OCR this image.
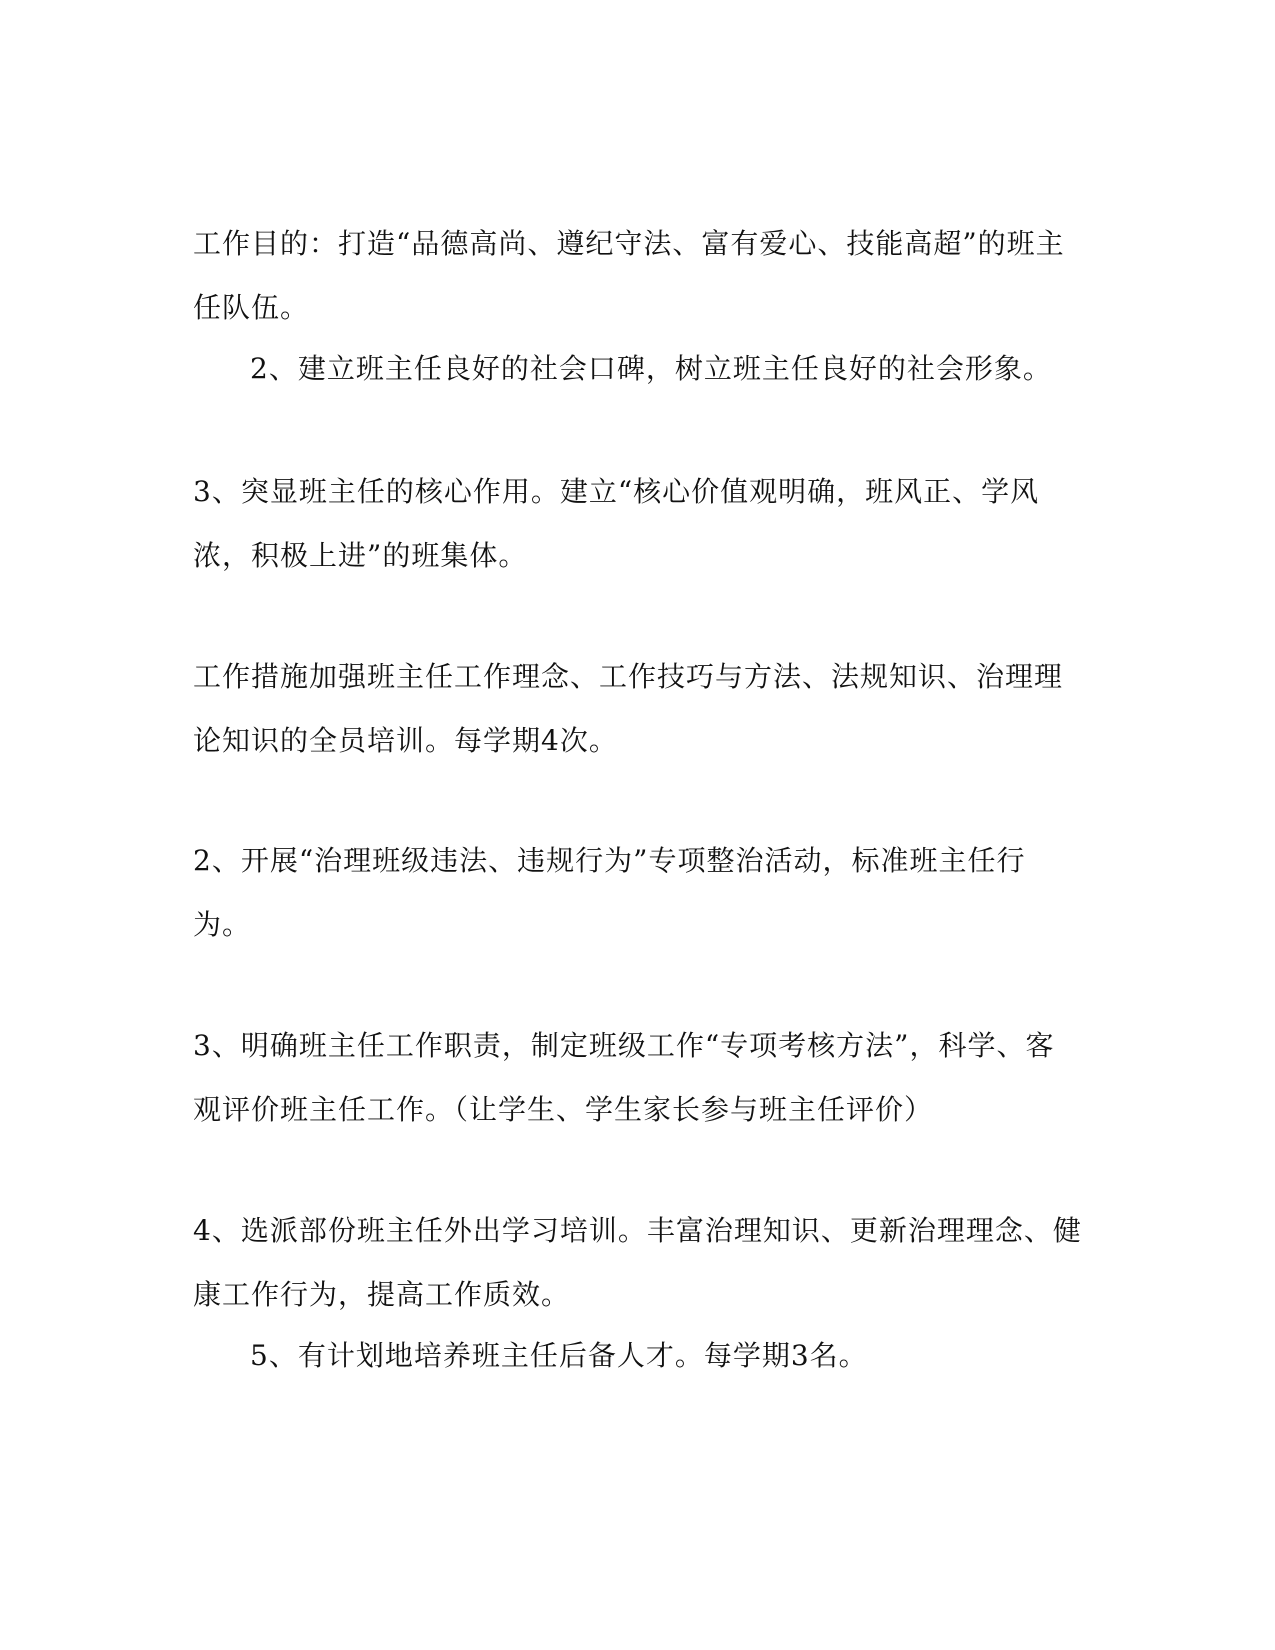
工作目的：打造“品德高尚、遵纪守法、富有爱心、技能高超”的班主任队伍。

2、建立班主任良好的社会口碑，树立班主任良好的社会形象。

3、突显班主任的核心作用。建立“核心价值观明确，班风正、学风浓，积极上进”的班集体。

工作措施加强班主任工作理念、工作技巧与方法、法规知识、治理理论知识的全员培训。每学期4次。

2、开展“治理班级违法、违规行为”专项整治活动，标准班主任行为。

3、明确班主任工作职责，制定班级工作“专项考核方法”，科学、客观评价班主任工作。（让学生、学生家长参与班主任评价）

4、选派部份班主任外出学习培训。丰富治理知识、更新治理理念、健康工作行为，提高工作质效。

5、有计划地培养班主任后备人才。每学期3名。
